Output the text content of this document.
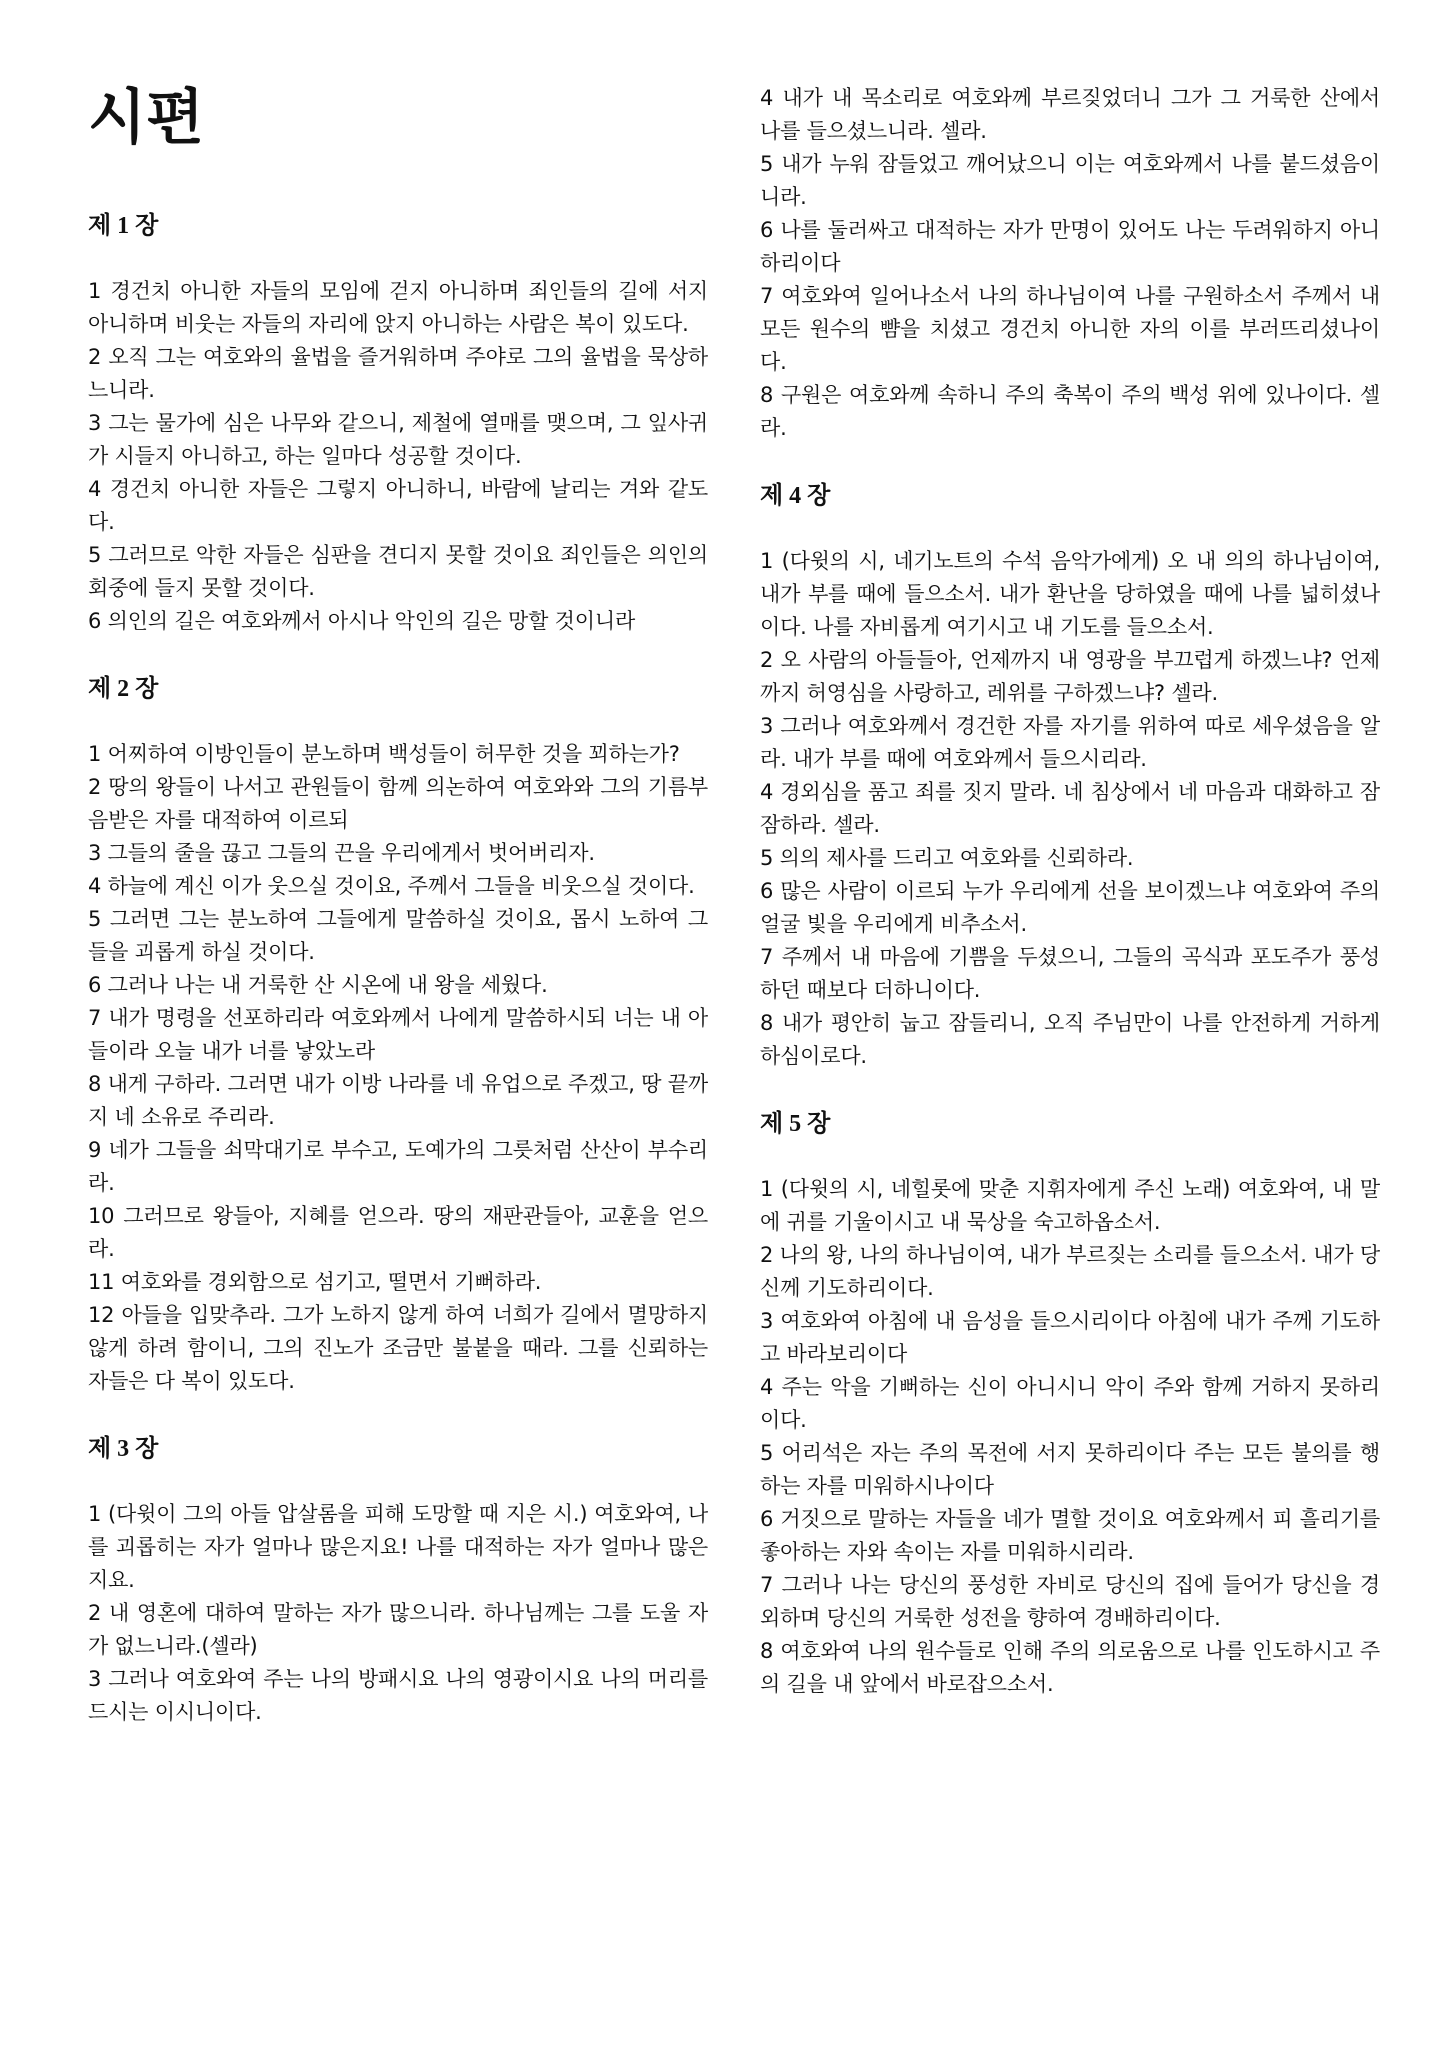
시편
제 1 장

1 경건치 아니한 자들의 모임에 걷지 아니하며 죄인들의 길에 서지 아니하며 비웃는 자들의 자리에 앉지 아니하는 사람은 복이 있도다.

2 오직 그는 여호와의 율법을 즐거워하며 주야로 그의 율법을 묵상하느니라.

3 그는 물가에 심은 나무와 같으니, 제철에 열매를 맺으며, 그 잎사귀가 시들지 아니하고, 하는 일마다 성공할 것이다.

4 경건치 아니한 자들은 그렇지 아니하니, 바람에 날리는 겨와 같도다.

5 그러므로 악한 자들은 심판을 견디지 못할 것이요 죄인들은 의인의 회중에 들지 못할 것이다.

6 의인의 길은 여호와께서 아시나 악인의 길은 망할 것이니라

제 2 장

1 어찌하여 이방인들이 분노하며 백성들이 허무한 것을 꾀하는가?

2 땅의 왕들이 나서고 관원들이 함께 의논하여 여호와와 그의 기름부음받은 자를 대적하여 이르되

3 그들의 줄을 끊고 그들의 끈을 우리에게서 벗어버리자.

4 하늘에 계신 이가 웃으실 것이요, 주께서 그들을 비웃으실 것이다.

5 그러면 그는 분노하여 그들에게 말씀하실 것이요, 몹시 노하여 그들을 괴롭게 하실 것이다.

6 그러나 나는 내 거룩한 산 시온에 내 왕을 세웠다.

7 내가 명령을 선포하리라 여호와께서 나에게 말씀하시되 너는 내 아들이라 오늘 내가 너를 낳았노라

8 내게 구하라. 그러면 내가 이방 나라를 네 유업으로 주겠고, 땅 끝까지 네 소유로 주리라.

9 네가 그들을 쇠막대기로 부수고, 도예가의 그릇처럼 산산이 부수리라.

10 그러므로 왕들아, 지혜를 얻으라. 땅의 재판관들아, 교훈을 얻으라.

11 여호와를 경외함으로 섬기고, 떨면서 기뻐하라.

12 아들을 입맞추라. 그가 노하지 않게 하여 너희가 길에서 멸망하지 않게 하려 함이니, 그의 진노가 조금만 불붙을 때라. 그를 신뢰하는 자들은 다 복이 있도다.

제 3 장

1 (다윗이 그의 아들 압살롬을 피해 도망할 때 지은 시.) 여호와여, 나를 괴롭히는 자가 얼마나 많은지요! 나를 대적하는 자가 얼마나 많은지요.

2 내 영혼에 대하여 말하는 자가 많으니라. 하나님께는 그를 도울 자가 없느니라.(셀라)

3 그러나 여호와여 주는 나의 방패시요 나의 영광이시요 나의 머리를 드시는 이시니이다.

4 내가 내 목소리로 여호와께 부르짖었더니 그가 그 거룩한 산에서 나를 들으셨느니라. 셀라.

5 내가 누워 잠들었고 깨어났으니 이는 여호와께서 나를 붙드셨음이니라.

6 나를 둘러싸고 대적하는 자가 만명이 있어도 나는 두려워하지 아니하리이다

7 여호와여 일어나소서 나의 하나님이여 나를 구원하소서 주께서 내 모든 원수의 뺨을 치셨고 경건치 아니한 자의 이를 부러뜨리셨나이다.

8 구원은 여호와께 속하니 주의 축복이 주의 백성 위에 있나이다. 셀라.

제 4 장

1 (다윗의 시, 네기노트의 수석 음악가에게) 오 내 의의 하나님이여, 내가 부를 때에 들으소서. 내가 환난을 당하였을 때에 나를 넓히셨나이다. 나를 자비롭게 여기시고 내 기도를 들으소서.

2 오 사람의 아들들아, 언제까지 내 영광을 부끄럽게 하겠느냐? 언제까지 허영심을 사랑하고, 레위를 구하겠느냐? 셀라.

3 그러나 여호와께서 경건한 자를 자기를 위하여 따로 세우셨음을 알라. 내가 부를 때에 여호와께서 들으시리라.

4 경외심을 품고 죄를 짓지 말라. 네 침상에서 네 마음과 대화하고 잠잠하라. 셀라.

5 의의 제사를 드리고 여호와를 신뢰하라.

6 많은 사람이 이르되 누가 우리에게 선을 보이겠느냐 여호와여 주의 얼굴 빛을 우리에게 비추소서.

7 주께서 내 마음에 기쁨을 두셨으니, 그들의 곡식과 포도주가 풍성하던 때보다 더하니이다.

8 내가 평안히 눕고 잠들리니, 오직 주님만이 나를 안전하게 거하게 하심이로다.

제 5 장

1 (다윗의 시, 네힐롯에 맞춘 지휘자에게 주신 노래) 여호와여, 내 말에 귀를 기울이시고 내 묵상을 숙고하옵소서.

2 나의 왕, 나의 하나님이여, 내가 부르짖는 소리를 들으소서. 내가 당신께 기도하리이다.

3 여호와여 아침에 내 음성을 들으시리이다 아침에 내가 주께 기도하고 바라보리이다

4 주는 악을 기뻐하는 신이 아니시니 악이 주와 함께 거하지 못하리이다.

5 어리석은 자는 주의 목전에 서지 못하리이다 주는 모든 불의를 행하는 자를 미워하시나이다

6 거짓으로 말하는 자들을 네가 멸할 것이요 여호와께서 피 흘리기를 좋아하는 자와 속이는 자를 미워하시리라.

7 그러나 나는 당신의 풍성한 자비로 당신의 집에 들어가 당신을 경외하며 당신의 거룩한 성전을 향하여 경배하리이다.

8 여호와여 나의 원수들로 인해 주의 의로움으로 나를 인도하시고 주의 길을 내 앞에서 바로잡으소서.
